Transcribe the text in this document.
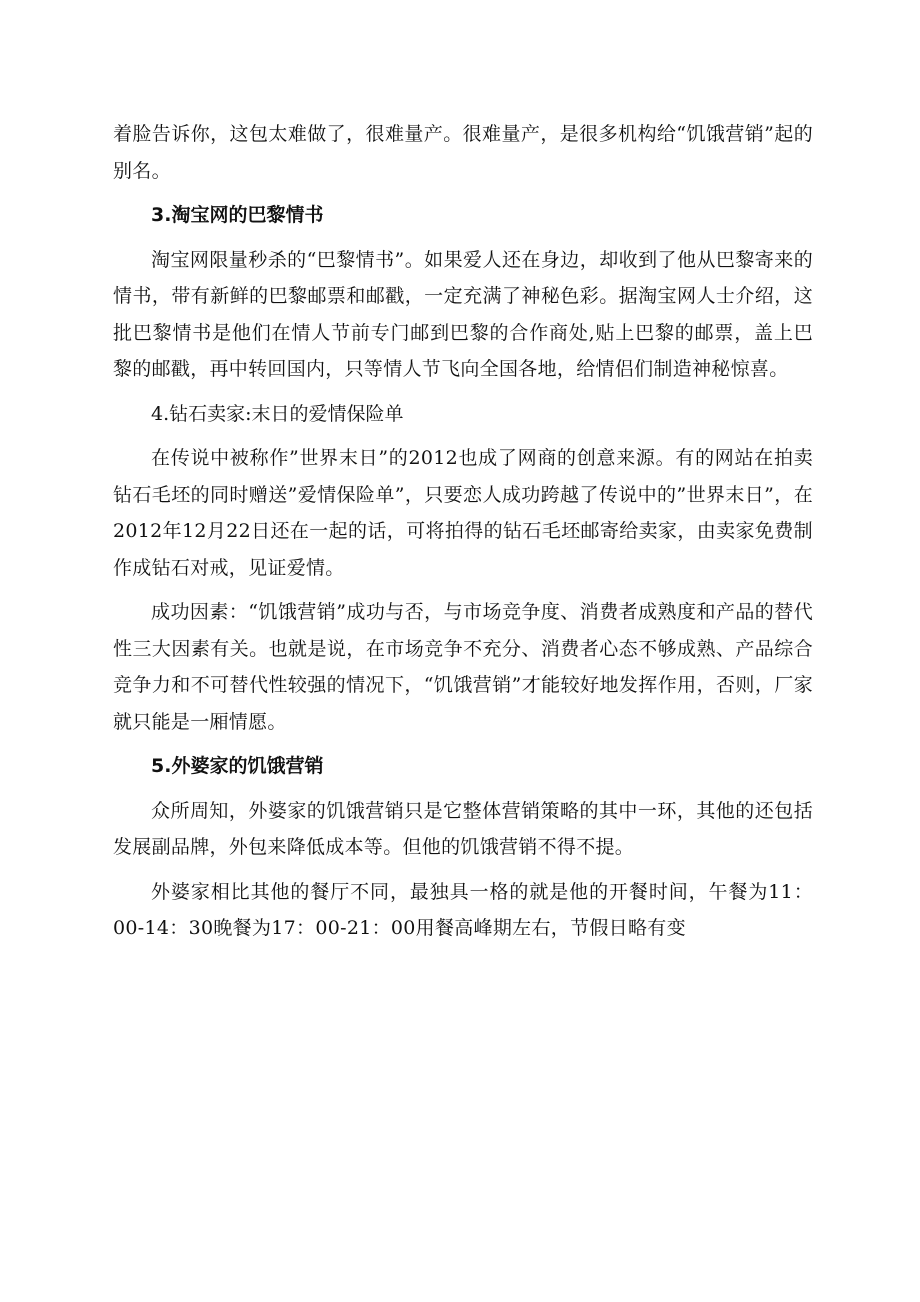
着脸告诉你，这包太难做了，很难量产。很难量产，是很多机构给“饥饿营销”起的别名。

3.淘宝网的巴黎情书

淘宝网限量秒杀的“巴黎情书”。如果爱人还在身边，却收到了他从巴黎寄来的情书，带有新鲜的巴黎邮票和邮戳，一定充满了神秘色彩。据淘宝网人士介绍，这批巴黎情书是他们在情人节前专门邮到巴黎的合作商处,贴上巴黎的邮票，盖上巴黎的邮戳，再中转回国内，只等情人节飞向全国各地，给情侣们制造神秘惊喜。

4.钻石卖家:末日的爱情保险单

在传说中被称作”世界末日”的2012也成了网商的创意来源。有的网站在拍卖钻石毛坯的同时赠送”爱情保险单”，只要恋人成功跨越了传说中的”世界末日”，在2012年12月22日还在一起的话，可将拍得的钻石毛坯邮寄给卖家，由卖家免费制作成钻石对戒，见证爱情。

成功因素：“饥饿营销”成功与否，与市场竞争度、消费者成熟度和产品的替代性三大因素有关。也就是说，在市场竞争不充分、消费者心态不够成熟、产品综合竞争力和不可替代性较强的情况下，“饥饿营销”才能较好地发挥作用，否则，厂家就只能是一厢情愿。

5.外婆家的饥饿营销

众所周知，外婆家的饥饿营销只是它整体营销策略的其中一环，其他的还包括发展副品牌，外包来降低成本等。但他的饥饿营销不得不提。

外婆家相比其他的餐厅不同，最独具一格的就是他的开餐时间，午餐为11：00-14：30晚餐为17：00-21：00用餐高峰期左右，节假日略有变
